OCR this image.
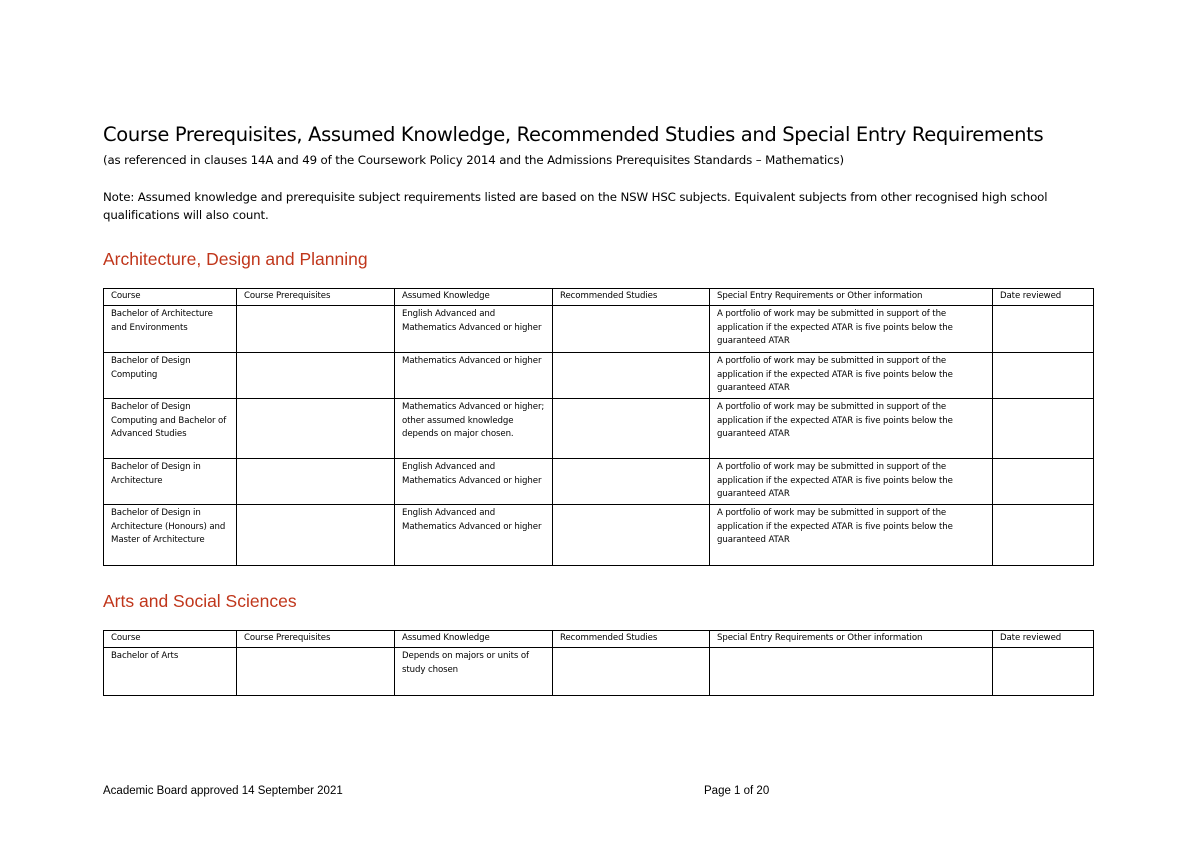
Course Prerequisites, Assumed Knowledge, Recommended Studies and Special Entry Requirements
(as referenced in clauses 14A and 49 of the Coursework Policy 2014 and the Admissions Prerequisites Standards – Mathematics)
Note: Assumed knowledge and prerequisite subject requirements listed are based on the NSW HSC subjects. Equivalent subjects from other recognised high school qualifications will also count.
Architecture, Design and Planning
Course	Course Prerequisites	Assumed Knowledge	Recommended Studies	Special Entry Requirements or Other information	Date reviewed
Bachelor of Architecture and Environments		English Advanced and Mathematics Advanced or higher		A portfolio of work may be submitted in support of the application if the expected ATAR is five points below the guaranteed ATAR	
Bachelor of Design Computing		Mathematics Advanced or higher		A portfolio of work may be submitted in support of the application if the expected ATAR is five points below the guaranteed ATAR	
Bachelor of Design Computing and Bachelor of Advanced Studies		Mathematics Advanced or higher; other assumed knowledge depends on major chosen.		A portfolio of work may be submitted in support of the application if the expected ATAR is five points below the guaranteed ATAR	
Bachelor of Design in Architecture		English Advanced and Mathematics Advanced or higher		A portfolio of work may be submitted in support of the application if the expected ATAR is five points below the guaranteed ATAR	
Bachelor of Design in Architecture (Honours) and Master of Architecture		English Advanced and Mathematics Advanced or higher		A portfolio of work may be submitted in support of the application if the expected ATAR is five points below the guaranteed ATAR	
Arts and Social Sciences
Course	Course Prerequisites	Assumed Knowledge	Recommended Studies	Special Entry Requirements or Other information	Date reviewed
Bachelor of Arts		Depends on majors or units of study chosen			
Academic Board approved 14 September 2021	Page 1 of 20
